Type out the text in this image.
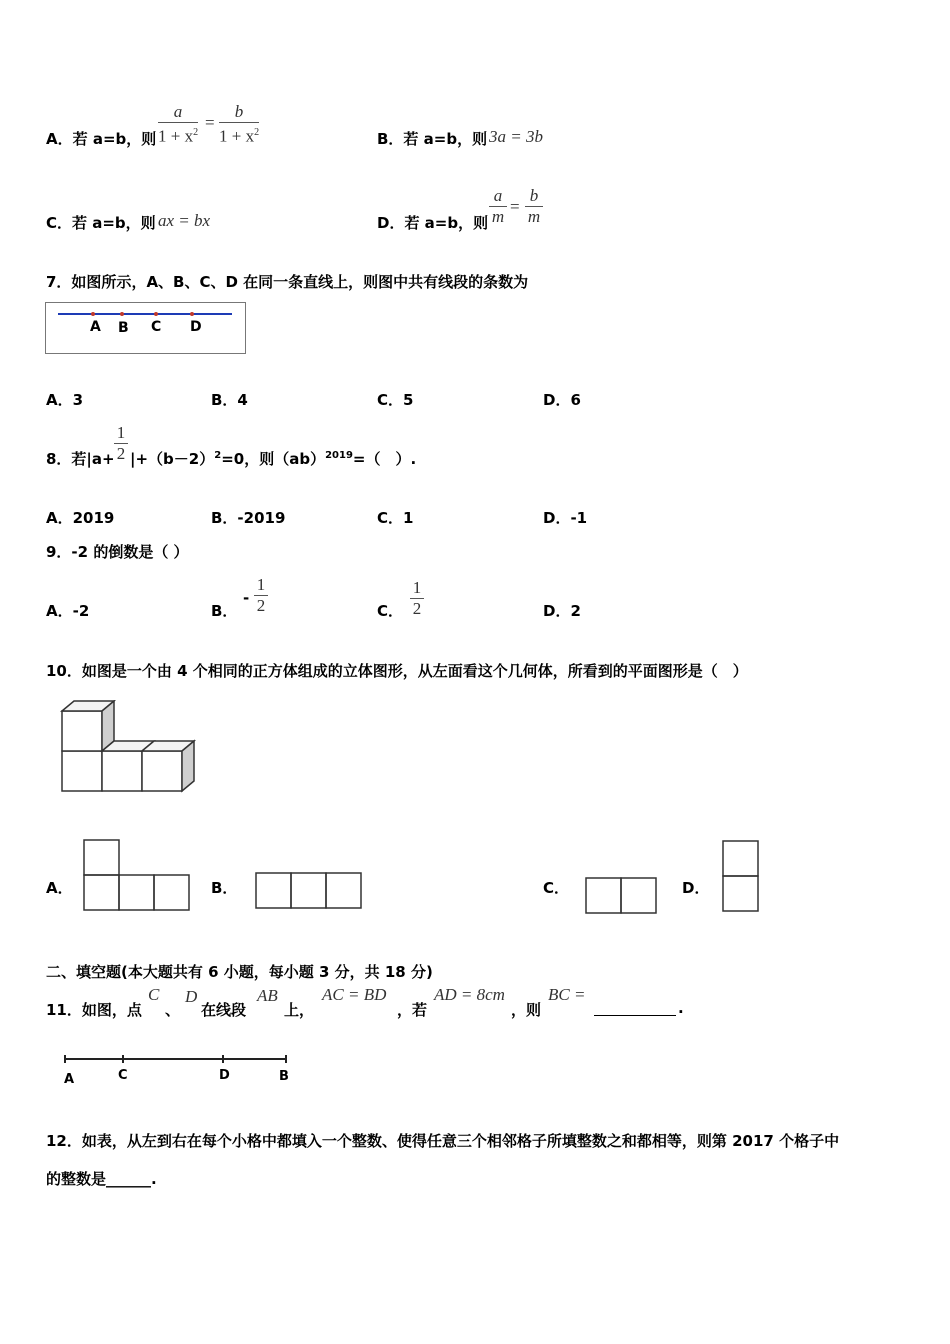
A．若 a=b，则 $\frac{a}{1 + x^2} = \frac{b}{1 + x^2}$	B．若 a=b，则 3a = 3b
C．若 a=b，则 ax = bx	D．若 a=b，则 $\frac{a}{m} = \frac{b}{m}$
7．如图所示，A、B、C、D 在同一条直线上，则图中共有线段的条数为
A B C D
A．3	B．4	C．5	D．6
8．若$|a+ \frac{1}{2} |+(b-2)^2=0$，则（ab）$^{2019}$=（　）.
A．2019	B．-2019	C．1	D．-1
9．-2 的倒数是（ ）
A．-2	B．
- $\frac{1}{2}$	C． $\frac{1}{2}$	D．2
10．如图是一个由 4 个相同的正方体组成的立体图形，从左面看这个几何体，所看到的平面图形是（　）
A．	B．	C．	D．
二、填空题(本大题共有 6 小题，每小题 3 分，共 18 分)
11．如图，点
C
、
D
在线段
AB
上，
AC = BD
，若
AD = 8cm
，则
BC =
.
A	C	D	B
12．如表，从左到右在每个小格中都填入一个整数、使得任意三个相邻格子所填整数之和都相等，则第 2017 个格子中
的整数是______.
